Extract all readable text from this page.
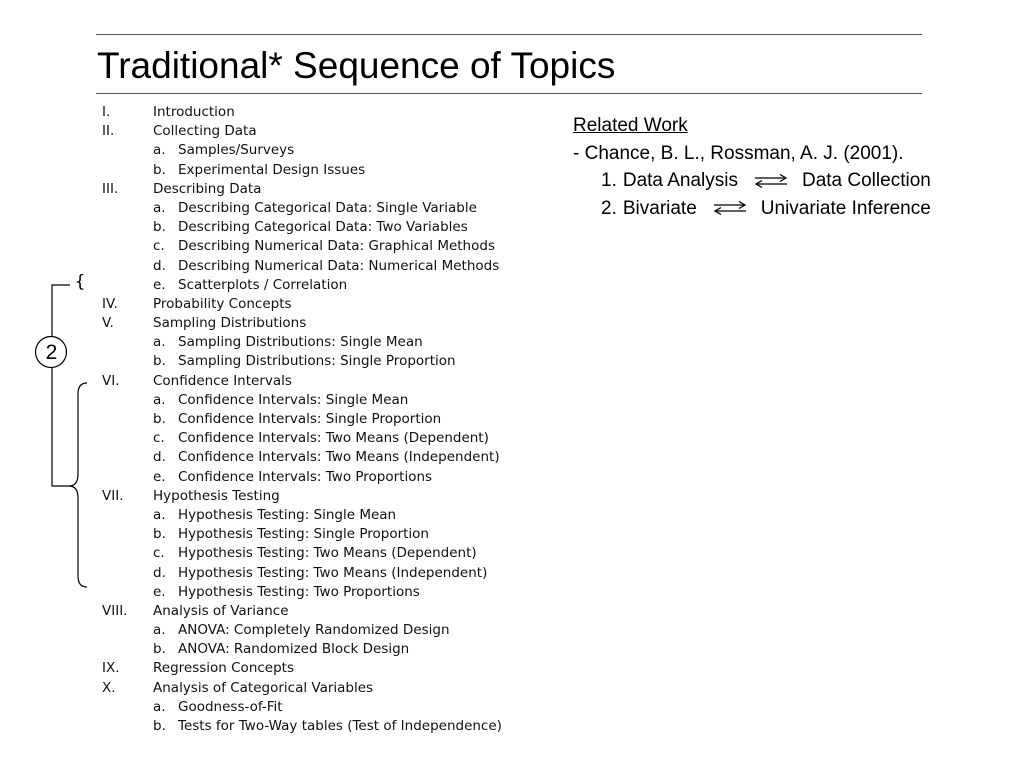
Traditional* Sequence of Topics
I.	Introduction
II.	Collecting Data
a. Samples/Surveys
b. Experimental Design Issues
III.	Describing Data
a. Describing Categorical Data: Single Variable
b. Describing Categorical Data: Two Variables
c. Describing Numerical Data: Graphical Methods
d. Describing Numerical Data: Numerical Methods
e. Scatterplots / Correlation
IV.	Probability Concepts
V.	Sampling Distributions
a. Sampling Distributions: Single Mean
b. Sampling Distributions: Single Proportion
VI. Confidence Intervals
a. Confidence Intervals: Single Mean
b. Confidence Intervals: Single Proportion
c. Confidence Intervals: Two Means (Dependent)
d. Confidence Intervals: Two Means (Independent)
e. Confidence Intervals: Two Proportions
VII. Hypothesis Testing
a. Hypothesis Testing: Single Mean
b. Hypothesis Testing: Single Proportion
c. Hypothesis Testing: Two Means (Dependent)
d. Hypothesis Testing: Two Means (Independent)
e. Hypothesis Testing: Two Proportions
VIII. Analysis of Variance
a. ANOVA: Completely Randomized Design
b. ANOVA: Randomized Block Design
IX. Regression Concepts
X.	Analysis of Categorical Variables
a. Goodness-of-Fit
b. Tests for Two-Way tables (Test of Independence)
Related Work
- Chance, B. L., Rossman, A. J. (2001).
1. Data Analysis	Data Collection
2. Bivariate	Univariate Inference
{
2
